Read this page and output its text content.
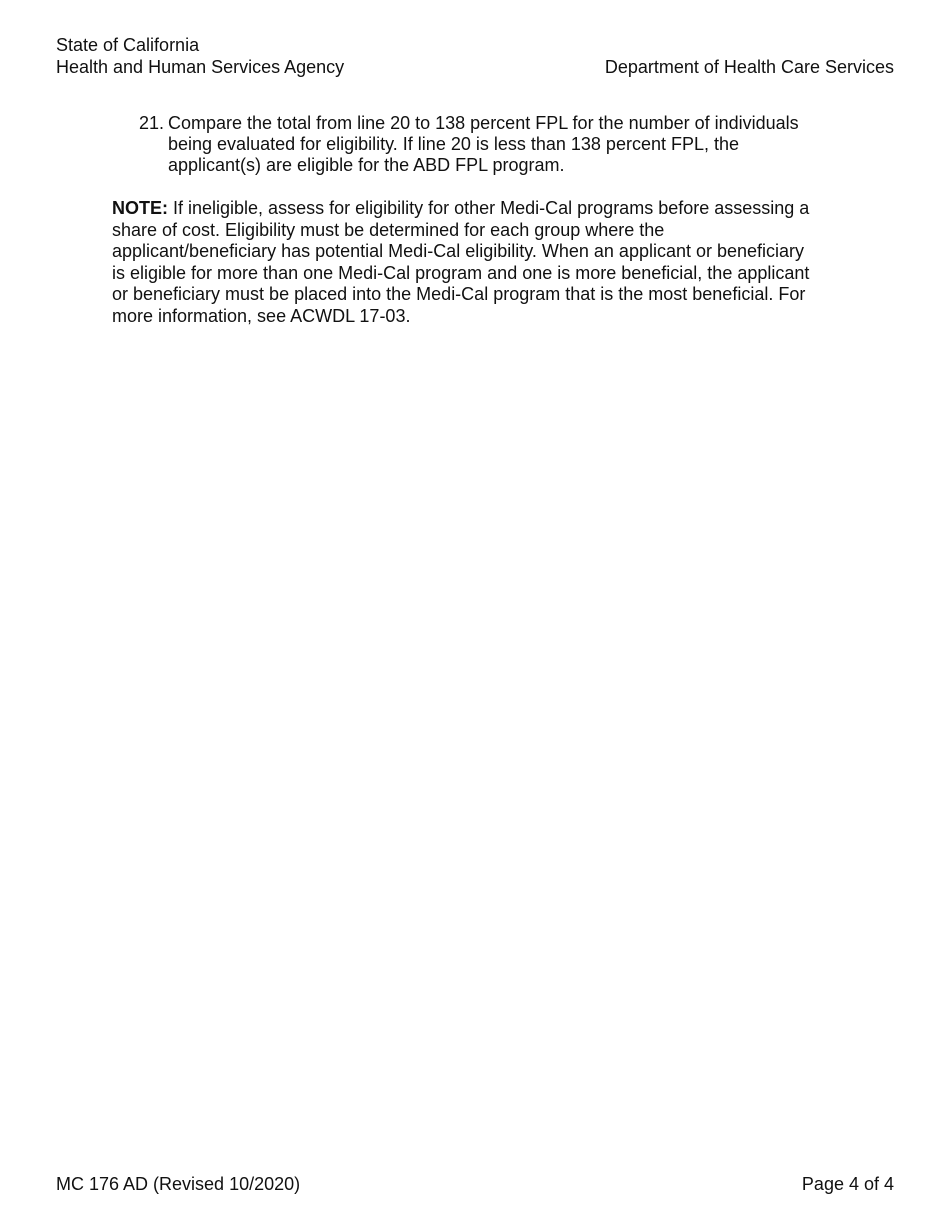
State of California
Health and Human Services Agency	Department of Health Care Services
21. Compare the total from line 20 to 138 percent FPL for the number of individuals
being evaluated for eligibility. If line 20 is less than 138 percent FPL, the
applicant(s) are eligible for the ABD FPL program.
NOTE: If ineligible, assess for eligibility for other Medi-Cal programs before assessing a
share of cost. Eligibility must be determined for each group where the
applicant/beneficiary has potential Medi-Cal eligibility. When an applicant or beneficiary
is eligible for more than one Medi-Cal program and one is more beneficial, the applicant
or beneficiary must be placed into the Medi-Cal program that is the most beneficial. For
more information, see ACWDL 17-03.
MC 176 AD (Revised 10/2020)	Page 4 of 4
